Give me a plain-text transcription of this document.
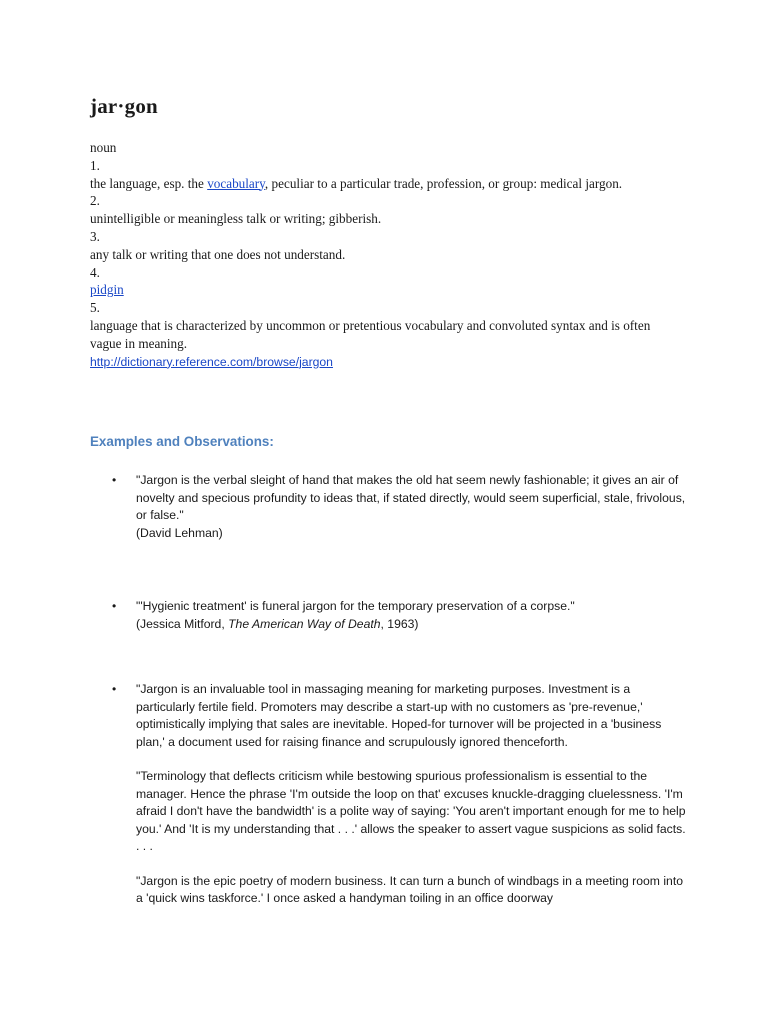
jar·gon
noun
1.
the language, esp. the vocabulary, peculiar to a particular trade, profession, or group: medical jargon.
2.
unintelligible or meaningless talk or writing; gibberish.
3.
any talk or writing that one does not understand.
4.
pidgin
5.
language that is characterized by uncommon or pretentious vocabulary and convoluted syntax and is often vague in meaning.
http://dictionary.reference.com/browse/jargon
Examples and Observations:
• "Jargon is the verbal sleight of hand that makes the old hat seem newly fashionable; it gives an air of novelty and specious profundity to ideas that, if stated directly, would seem superficial, stale, frivolous, or false."

(David Lehman)
• "'Hygienic treatment' is funeral jargon for the temporary preservation of a corpse."

(Jessica Mitford, The American Way of Death, 1963)
• "Jargon is an invaluable tool in massaging meaning for marketing purposes. Investment is a particularly fertile field. Promoters may describe a start-up with no customers as 'pre-revenue,' optimistically implying that sales are inevitable. Hoped-for turnover will be projected in a 'business plan,' a document used for raising finance and scrupulously ignored thenceforth.

"Terminology that deflects criticism while bestowing spurious professionalism is essential to the manager. Hence the phrase 'I'm outside the loop on that' excuses knuckle-dragging cluelessness. 'I'm afraid I don't have the bandwidth' is a polite way of saying: 'You aren't important enough for me to help you.' And 'It is my understanding that . . .' allows the speaker to assert vague suspicions as solid facts. . . .

"Jargon is the epic poetry of modern business. It can turn a bunch of windbags in a meeting room into a 'quick wins taskforce.' I once asked a handyman toiling in an office doorway
